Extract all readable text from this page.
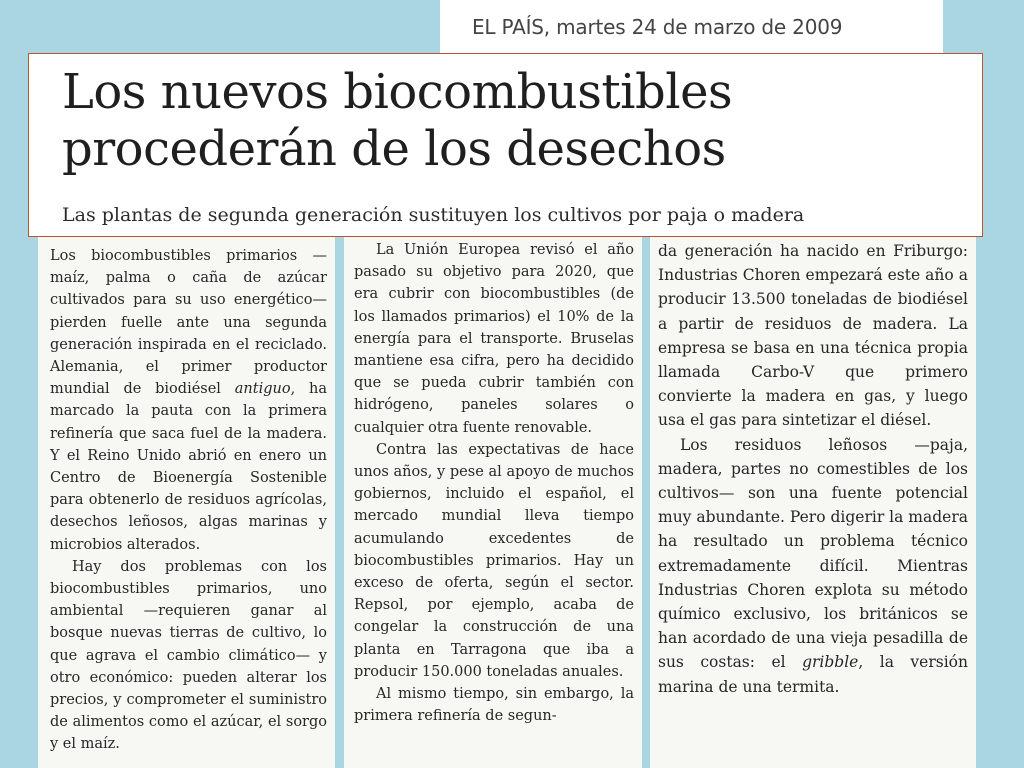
EL PAÍS, martes 24 de marzo de 2009
Los nuevos biocombustibles
procederán de los desechos
Las plantas de segunda generación sustituyen los cultivos por paja o madera

Los biocombustibles primarios —maíz, palma o caña de azúcar cultivados para su uso energético— pierden fuelle ante una segunda generación inspirada en el reciclado. Alemania, el primer productor mundial de biodiésel antiguo, ha marcado la pauta con la primera refinería que saca fuel de la madera. Y el Reino Unido abrió en enero un Centro de Bioenergía Sostenible para obtenerlo de residuos agrícolas, desechos leñosos, algas marinas y microbios alterados.

Hay dos problemas con los biocombustibles primarios, uno ambiental —requieren ganar al bosque nuevas tierras de cultivo, lo que agrava el cambio climático— y otro económico: pueden alterar los precios, y comprometer el suministro de alimentos como el azúcar, el sorgo y el maíz.

La Unión Europea revisó el año pasado su objetivo para 2020, que era cubrir con biocombustibles (de los llamados primarios) el 10% de la energía para el transporte. Bruselas mantiene esa cifra, pero ha decidido que se pueda cubrir también con hidrógeno, paneles solares o cualquier otra fuente renovable.

Contra las expectativas de hace unos años, y pese al apoyo de muchos gobiernos, incluido el español, el mercado mundial lleva tiempo acumulando excedentes de biocombustibles primarios. Hay un exceso de oferta, según el sector. Repsol, por ejemplo, acaba de congelar la construcción de una planta en Tarragona que iba a producir 150.000 toneladas anuales.

Al mismo tiempo, sin embargo, la primera refinería de segun-

da generación ha nacido en Friburgo: Industrias Choren empezará este año a producir 13.500 toneladas de biodiésel a partir de residuos de madera. La empresa se basa en una técnica propia llamada Carbo-V que primero convierte la madera en gas, y luego usa el gas para sintetizar el diésel.

Los residuos leñosos —paja, madera, partes no comestibles de los cultivos— son una fuente potencial muy abundante. Pero digerir la madera ha resultado un problema técnico extremadamente difícil. Mientras Industrias Choren explota su método químico exclusivo, los británicos se han acordado de una vieja pesadilla de sus costas: el gribble, la versión marina de una termita.
